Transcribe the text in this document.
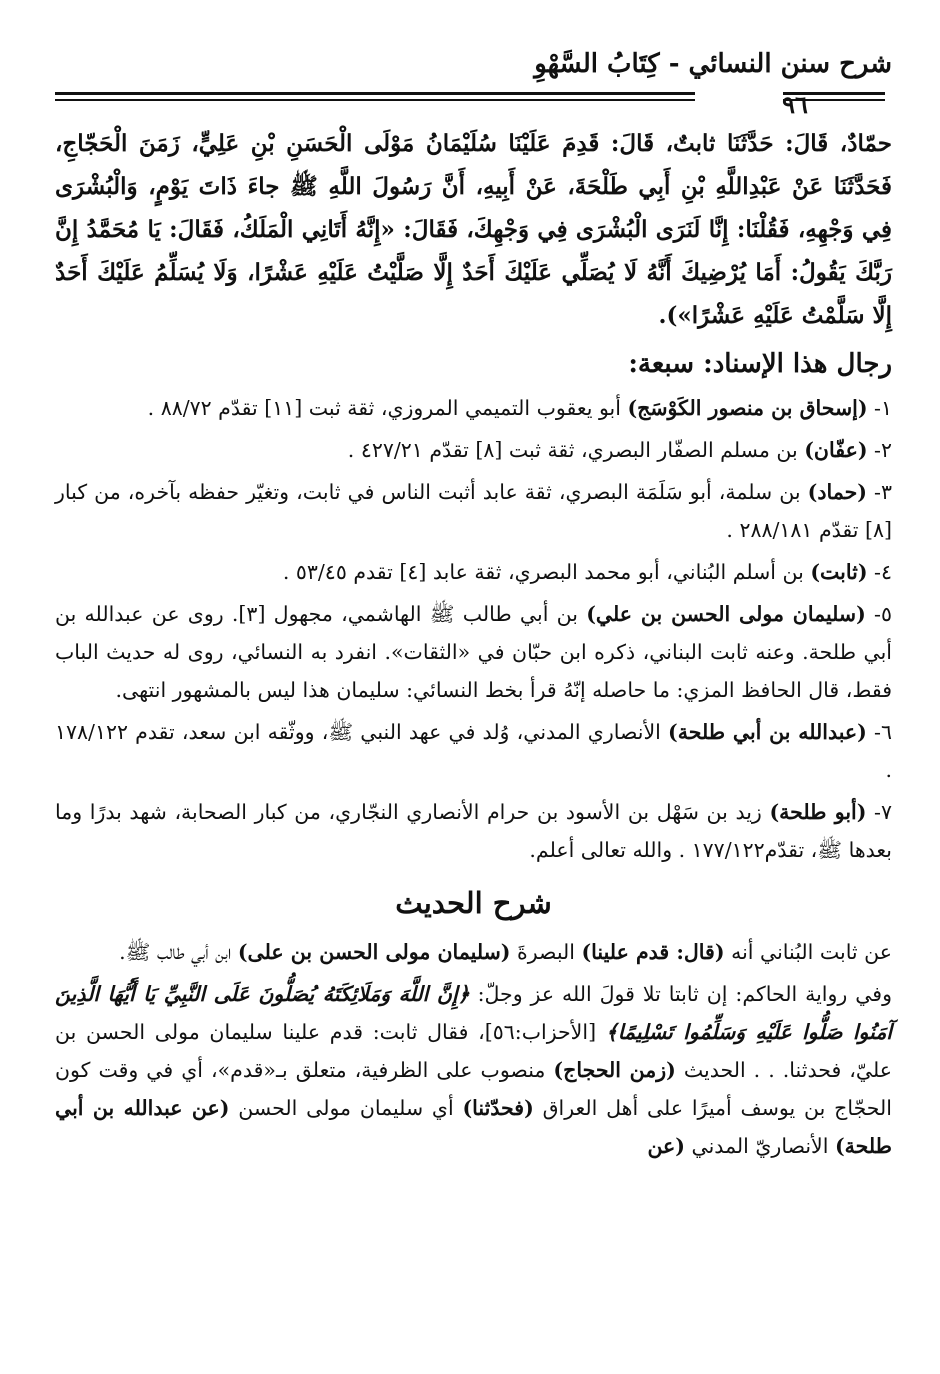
شرح سنن النسائي - كِتَابُ السَّهْوِ
٩٦

حمّادٌ، قَالَ: حَدَّثَنَا ثابتٌ، قَالَ: قَدِمَ عَلَيْنَا سُلَيْمَانُ مَوْلَى الْحَسَنِ بْنِ عَلِيٍّ، زَمَنَ الْحَجّاجِ، فَحَدَّثَنَا عَنْ عَبْدِاللَّهِ بْنِ أَبِي طَلْحَةَ، عَنْ أَبِيهِ، أَنَّ رَسُولَ اللَّهِ ﷺ جاءَ ذَاتَ يَوْمٍ، وَالْبُشْرَى فِي وَجْهِهِ، فَقُلْنَا: إِنَّا لَنَرَى الْبُشْرَى فِي وَجْهِكَ، فَقَالَ: «إِنَّهُ أَتَانِي الْمَلَكُ، فَقَالَ: يَا مُحَمَّدُ إِنَّ رَبَّكَ يَقُولُ: أَمَا يُرْضِيكَ أَنَّهُ لَا يُصَلِّي عَلَيْكَ أَحَدٌ إِلَّا صَلَّيْتُ عَلَيْهِ عَشْرًا، وَلَا يُسَلِّمُ عَلَيْكَ أَحَدٌ إِلَّا سَلَّمْتُ عَلَيْهِ عَشْرًا»).

رجال هذا الإسناد: سبعة:

١- (إسحاق بن منصور الكَوْسَج) أبو يعقوب التميمي المروزي، ثقة ثبت [١١] تقدّم ٨٨/٧٢ .

٢- (عفّان) بن مسلم الصفّار البصري، ثقة ثبت [٨] تقدّم ٤٢٧/٢١ .

٣- (حماد) بن سلمة، أبو سَلَمَة البصري، ثقة عابد أثبت الناس في ثابت، وتغيّر حفظه بآخره، من كبار [٨] تقدّم ٢٨٨/١٨١ .

٤- (ثابت) بن أسلم البُناني، أبو محمد البصري، ثقة عابد [٤] تقدم ٥٣/٤٥ .

٥- (سليمان مولى الحسن بن علي) بن أبي طالب ﷺ الهاشمي، مجهول [٣]. روى عن عبدالله بن أبي طلحة. وعنه ثابت البناني، ذكره ابن حبّان في «الثقات». انفرد به النسائي، روى له حديث الباب فقط، قال الحافظ المزي: ما حاصله إنّهُ قرأ بخط النسائي: سليمان هذا ليس بالمشهور انتهى.

٦- (عبدالله بن أبي طلحة) الأنصاري المدني، وُلد في عهد النبي ﷺ، ووثّقه ابن سعد، تقدم ١٧٨/١٢٢ .

٧- (أبو طلحة) زيد بن سَهْل بن الأسود بن حرام الأنصاري النجّاري، من كبار الصحابة، شهد بدرًا وما بعدها ﷺ، تقدّم١٧٧/١٢٢ . والله تعالى أعلم.

شرح الحديث

عن ثابت البُناني أنه (قال: قدم علينا) البصرةَ (سليمان مولى الحسن بن على) ابن أبي طالب ﷺ.

وفي رواية الحاكم: إن ثابتا تلا قولَ الله عز وجلّ: ﴿إِنَّ اللَّهَ وَمَلَائِكَتَهُ يُصَلُّونَ عَلَى النَّبِيِّ يَا أَيُّهَا الَّذِينَ آمَنُوا صَلُّوا عَلَيْهِ وَسَلِّمُوا تَسْلِيمًا﴾ [الأحزاب:٥٦]، فقال ثابت: قدم علينا سليمان مولى الحسن بن عليّ، فحدثنا. . . الحديث (زمن الحجاج) منصوب على الظرفية، متعلق بـ«قدم»، أي في وقت كون الحجّاج بن يوسف أميرًا على أهل العراق (فحدّثنا) أي سليمان مولى الحسن (عن عبدالله بن أبي طلحة) الأنصاريّ المدني (عن
